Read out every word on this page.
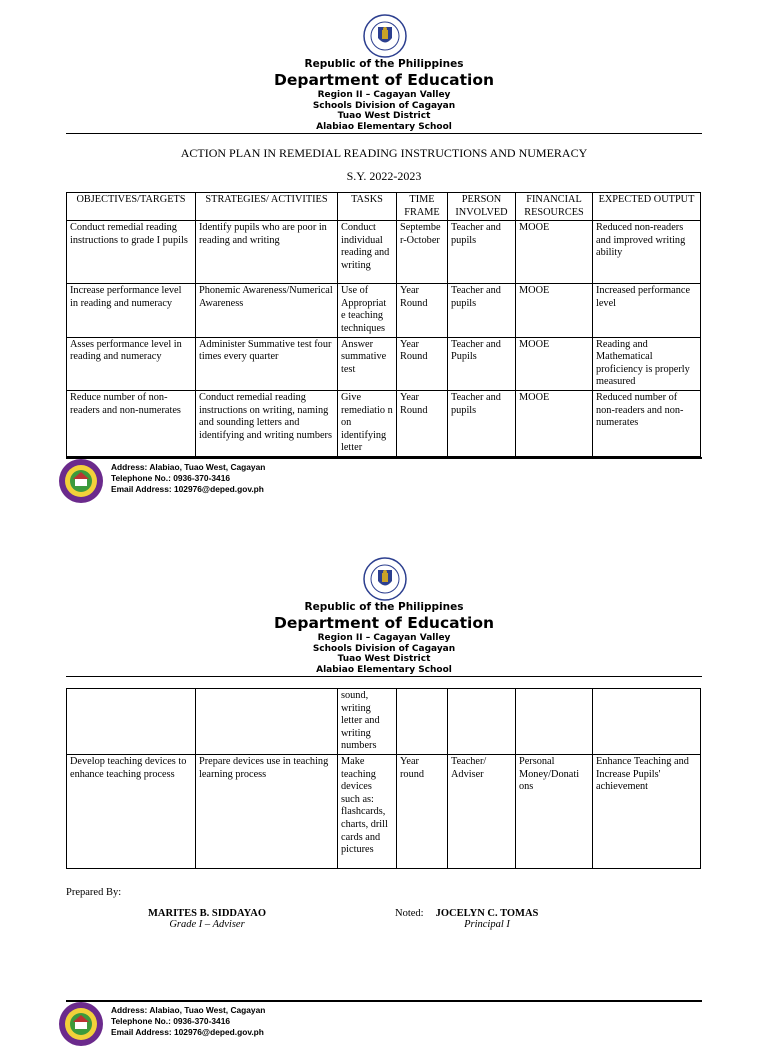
Republic of the Philippines
Department of Education
Region II – Cagayan Valley
Schools Division of Cagayan
Tuao West District
Alabiao Elementary School
ACTION PLAN IN REMEDIAL READING INSTRUCTIONS AND NUMERACY
S.Y. 2022-2023
OBJECTIVES/TARGETS	STRATEGIES/ ACTIVITIES	TASKS	TIME FRAME	PERSON INVOLVED	FINANCIAL RESOURCES	EXPECTED OUTPUT
Conduct remedial reading instructions to grade I pupils	Identify pupils who are poor in reading and writing	Conduct individual reading and writing	Septembe r-October	Teacher and pupils	MOOE	Reduced non-readers and improved writing ability
Increase performance level in reading and numeracy	Phonemic Awareness/Numerical Awareness	Use of Appropriat e teaching techniques	Year Round	Teacher and pupils	MOOE	Increased performance level
Asses performance level in reading and numeracy	Administer Summative test four times every quarter	Answer summative test	Year Round	Teacher and Pupils	MOOE	Reading and Mathematical proficiency is properly measured
Reduce number of non-readers and non-numerates	Conduct remedial reading instructions on writing, naming and sounding letters and identifying and writing numbers	Give remediatio n on identifying letter	Year Round	Teacher and pupils	MOOE	Reduced number of non-readers and non-numerates
Address: Alabiao, Tuao West, Cagayan
Telephone No.: 0936-370-3416
Email Address: 102976@deped.gov.ph
Republic of the Philippines
Department of Education
Region II – Cagayan Valley
Schools Division of Cagayan
Tuao West District
Alabiao Elementary School
		sound, writing letter and writing numbers				
Develop teaching devices to enhance teaching process	Prepare devices use in teaching learning process	Make teaching devices such as: flashcards, charts, drill cards and pictures	Year round	Teacher/ Adviser	Personal Money/Donati ons	Enhance Teaching and Increase Pupils' achievement
Prepared By:
MARITES B. SIDDAYAO
Grade I – Adviser
Noted:	JOCELYN C. TOMAS
Principal I
Address: Alabiao, Tuao West, Cagayan
Telephone No.: 0936-370-3416
Email Address: 102976@deped.gov.ph
